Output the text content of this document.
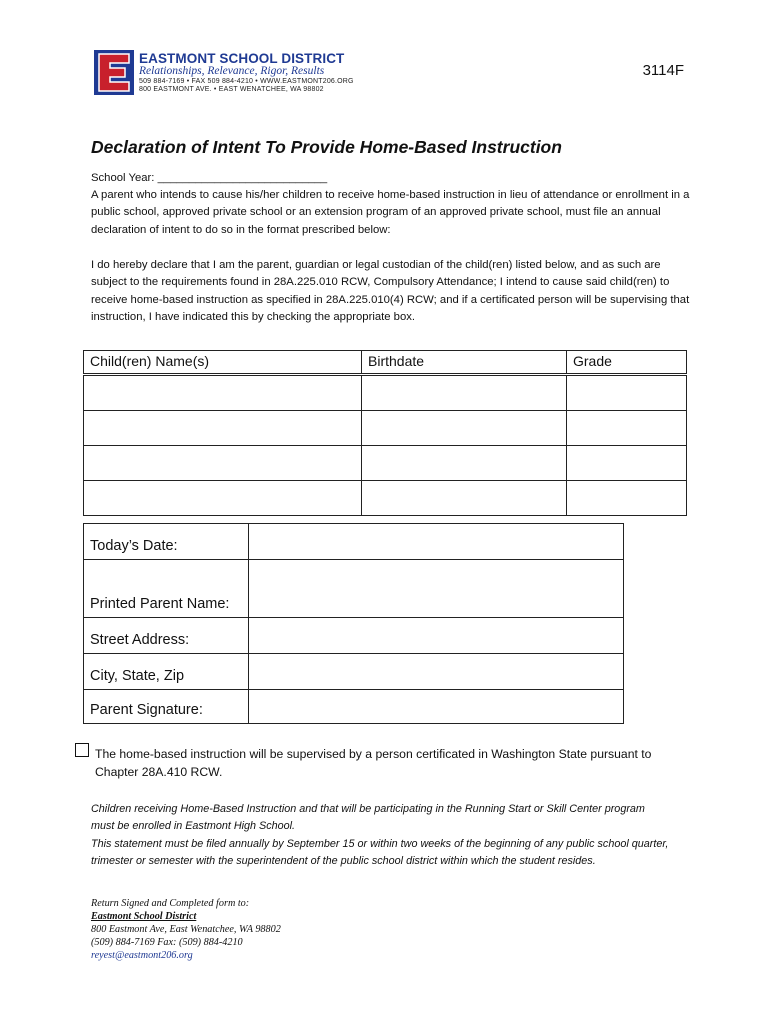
EASTMONT SCHOOL DISTRICT
Relationships, Relevance, Rigor, Results
509 884-7169 • FAX 509 884-4210 • WWW.EASTMONT206.ORG
800 EASTMONT AVE. • EAST WENATCHEE, WA 98802
3114F
Declaration of Intent To Provide Home-Based Instruction

School Year: ___________________________

A parent who intends to cause his/her children to receive home-based instruction in lieu of attendance or enrollment in a public school, approved private school or an extension program of an approved private school, must file an annual declaration of intent to do so in the format prescribed below:

I do hereby declare that I am the parent, guardian or legal custodian of the child(ren) listed below, and as such are subject to the requirements found in 28A.225.010 RCW, Compulsory Attendance; I intend to cause said child(ren) to receive home-based instruction as specified in 28A.225.010(4) RCW; and if a certificated person will be supervising that instruction, I have indicated this by checking the appropriate box.

Child(ren) Name(s)	Birthdate	Grade

Today’s Date:	
Printed Parent Name:	
Street Address:	
City, State, Zip	
Parent Signature:	

The home-based instruction will be supervised by a person certificated in Washington State pursuant to Chapter 28A.410 RCW.

Children receiving Home-Based Instruction and that will be participating in the Running Start or Skill Center program must be enrolled in Eastmont High School.

This statement must be filed annually by September 15 or within two weeks of the beginning of any public school quarter, trimester or semester with the superintendent of the public school district within which the student resides.

Return Signed and Completed form to:
Eastmont School District
800 Eastmont Ave, East Wenatchee, WA 98802
(509) 884-7169 Fax: (509) 884-4210
reyest@eastmont206.org
